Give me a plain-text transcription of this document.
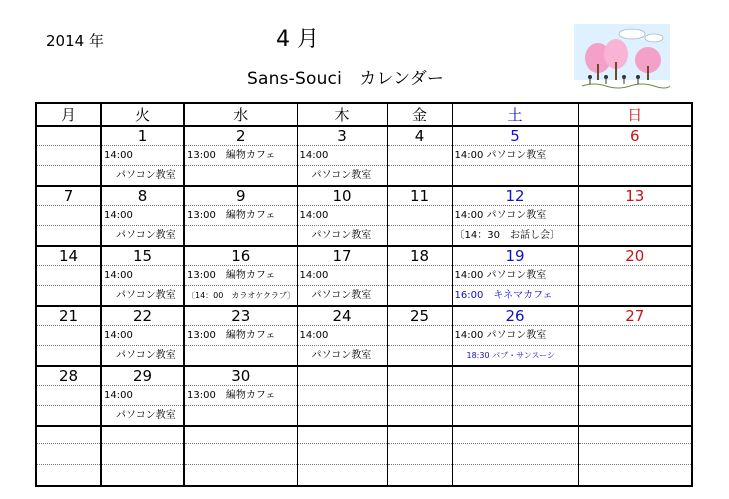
2014 年	4 月
Sans-Souci　カレンダー
月	火	水	木	金	土	日
	1	2	3	4	5	6
	14:00	13:00　編物カフェ	14:00		14:00 パソコン教室	
	パソコン教室		パソコン教室			
7	8	9	10	11	12	13
	14:00	13:00　編物カフェ	14:00		14:00 パソコン教室	
	パソコン教室		パソコン教室		〔14：30　お話し会〕	
14	15	16	17	18	19	20
	14:00	13:00　編物カフェ	14:00		14:00 パソコン教室	
	パソコン教室	〔14：00　カラオケクラブ〕	パソコン教室		16:00　キネマカフェ	
21	22	23	24	25	26	27
	14:00	13:00　編物カフェ	14:00		14:00 パソコン教室	
	パソコン教室		パソコン教室		18:30 パブ・サンスーシ	
28	29	30				
	14:00	13:00　編物カフェ				
	パソコン教室					
